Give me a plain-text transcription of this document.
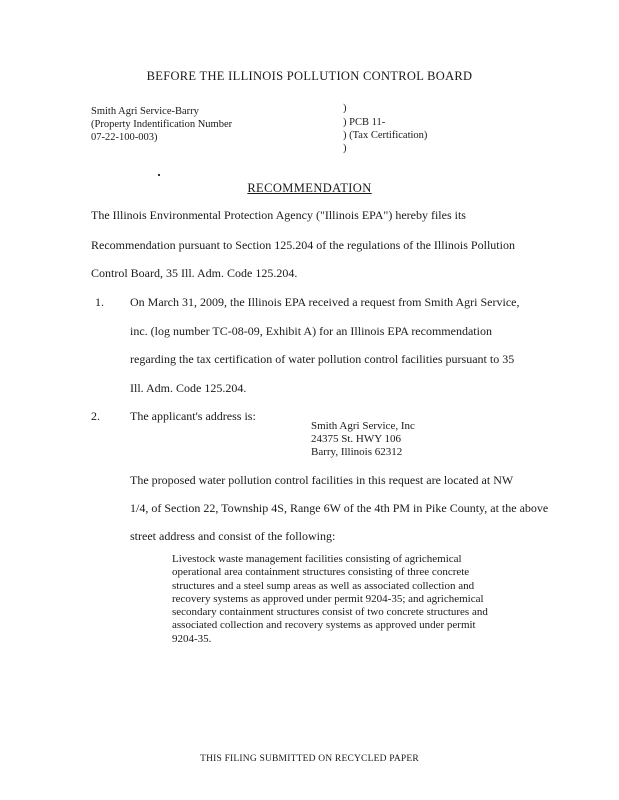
BEFORE THE ILLINOIS POLLUTION CONTROL BOARD
Smith Agri Service-Barry
(Property Indentification Number
07-22-100-003)
)
) PCB 11-
) (Tax Certification)
)
RECOMMENDATION
The Illinois Environmental Protection Agency ("Illinois EPA") hereby files its
Recommendation pursuant to Section 125.204 of the regulations of the Illinois Pollution
Control Board, 35 Ill. Adm. Code 125.204.
1. On March 31, 2009, the Illinois EPA received a request from Smith Agri Service,
inc. (log number TC-08-09, Exhibit A) for an Illinois EPA recommendation
regarding the tax certification of water pollution control facilities pursuant to 35
Ill. Adm. Code 125.204.
2.	The applicant's address is:
Smith Agri Service, Inc
24375 St. HWY 106
Barry, Illinois 62312
The proposed water pollution control facilities in this request are located at NW
1/4, of Section 22, Township 4S, Range 6W of the 4th PM in Pike County, at the above
street address and consist of the following:
Livestock waste management facilities consisting of agrichemical
operational area containment structures consisting of three concrete
structures and a steel sump areas as well as associated collection and
recovery systems as approved under permit 9204-35; and agrichemical
secondary containment structures consist of two concrete structures and
associated collection and recovery systems as approved under permit
9204-35.
THIS FILING SUBMITTED ON RECYCLED PAPER
